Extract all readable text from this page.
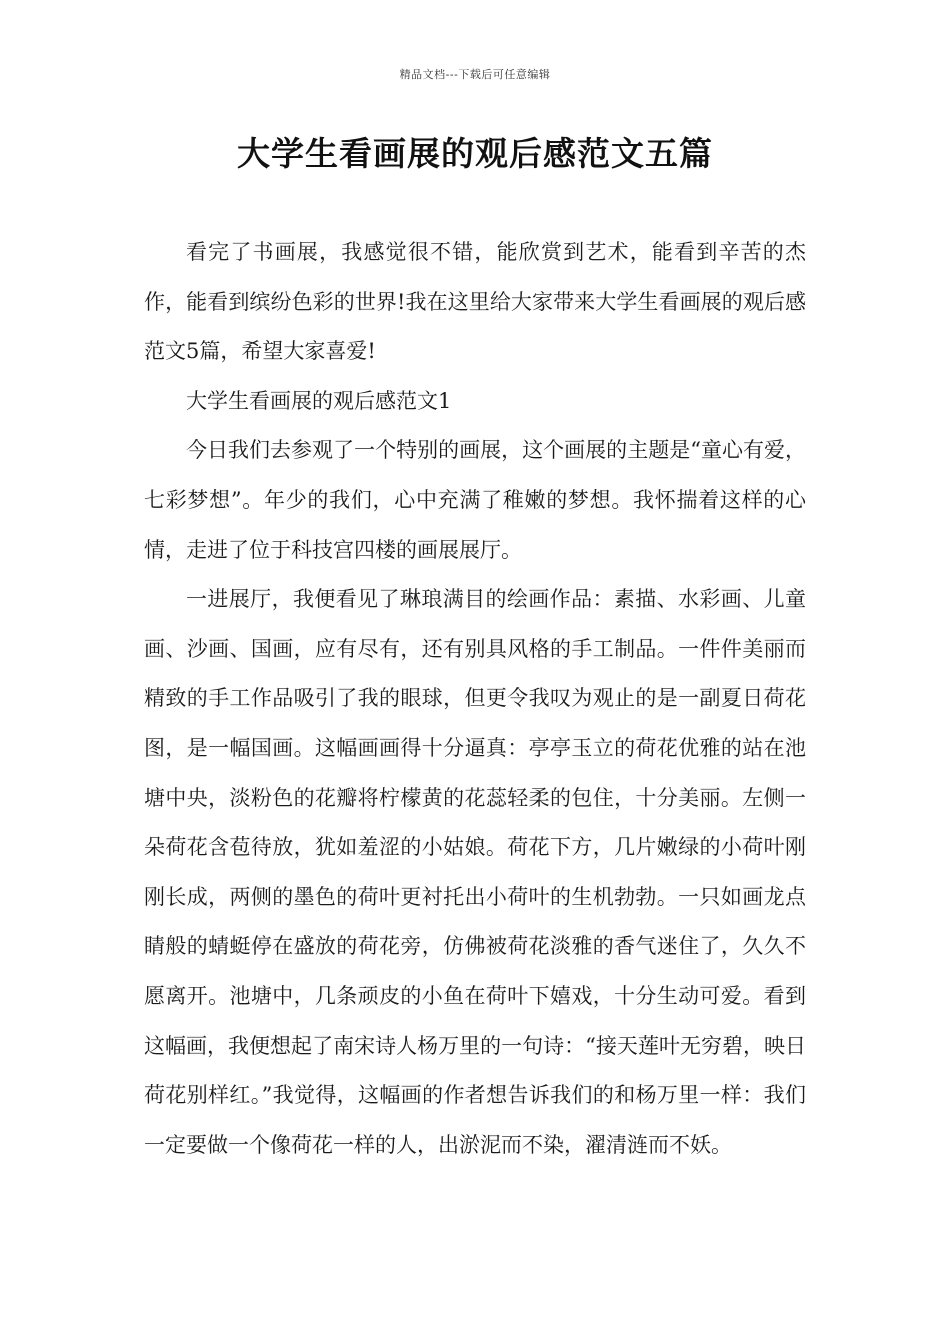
精品文档---下载后可任意编辑
大学生看画展的观后感范文五篇

看完了书画展，我感觉很不错，能欣赏到艺术，能看到辛苦的杰作，能看到缤纷色彩的世界!我在这里给大家带来大学生看画展的观后感范文5篇，希望大家喜爱!

大学生看画展的观后感范文1

今日我们去参观了一个特别的画展，这个画展的主题是“童心有爱，七彩梦想”。年少的我们，心中充满了稚嫩的梦想。我怀揣着这样的心情，走进了位于科技宫四楼的画展展厅。

一进展厅，我便看见了琳琅满目的绘画作品：素描、水彩画、儿童画、沙画、国画，应有尽有，还有别具风格的手工制品。一件件美丽而精致的手工作品吸引了我的眼球，但更令我叹为观止的是一副夏日荷花图，是一幅国画。这幅画画得十分逼真：亭亭玉立的荷花优雅的站在池塘中央，淡粉色的花瓣将柠檬黄的花蕊轻柔的包住，十分美丽。左侧一朵荷花含苞待放，犹如羞涩的小姑娘。荷花下方，几片嫩绿的小荷叶刚刚长成，两侧的墨色的荷叶更衬托出小荷叶的生机勃勃。一只如画龙点睛般的蜻蜓停在盛放的荷花旁，仿佛被荷花淡雅的香气迷住了，久久不愿离开。池塘中，几条顽皮的小鱼在荷叶下嬉戏，十分生动可爱。看到这幅画，我便想起了南宋诗人杨万里的一句诗：“接天莲叶无穷碧，映日荷花别样红。”我觉得，这幅画的作者想告诉我们的和杨万里一样：我们一定要做一个像荷花一样的人，出淤泥而不染，濯清涟而不妖。
